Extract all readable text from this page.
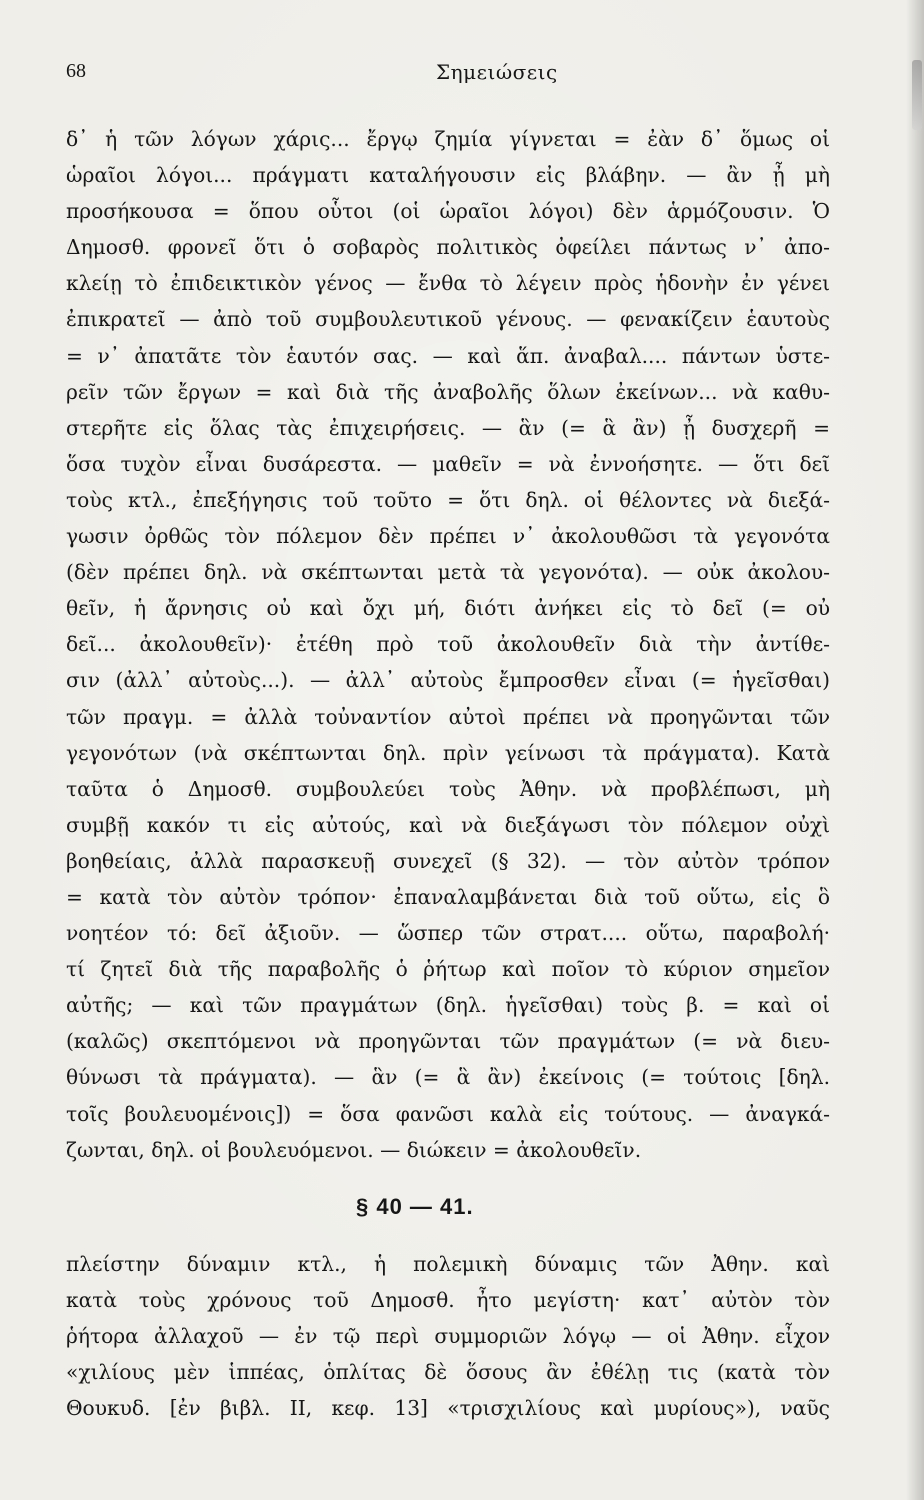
68	Σημειώσεις
δ᾽ ἡ τῶν λόγων χάρις... ἔργῳ ζημία γίγνεται = ἐὰν δ᾽ ὅμως οἱ
ὡραῖοι λόγοι... πράγματι καταλήγουσιν εἰς βλάβην. — ἂν ᾖ μὴ
προσήκουσα = ὅπου οὗτοι (οἱ ὡραῖοι λόγοι) δὲν ἁρμόζουσιν. Ὁ
Δημοσθ. φρονεῖ ὅτι ὁ σοβαρὸς πολιτικὸς ὀφείλει πάντως ν᾽ ἀπο-
κλείῃ τὸ ἐπιδεικτικὸν γένος — ἔνθα τὸ λέγειν πρὸς ἡδονὴν ἐν γένει
ἐπικρατεῖ — ἀπὸ τοῦ συμβουλευτικοῦ γένους. — φενακίζειν ἑαυτοὺς
= ν᾽ ἀπατᾶτε τὸν ἑαυτόν σας. — καὶ ἅπ. ἀναβαλ.... πάντων ὑστε-
ρεῖν τῶν ἔργων = καὶ διὰ τῆς ἀναβολῆς ὅλων ἐκείνων... νὰ καθυ-
στερῆτε εἰς ὅλας τὰς ἐπιχειρήσεις. — ἃν (= ἃ ἂν) ᾖ δυσχερῆ =
ὅσα τυχὸν εἶναι δυσάρεστα. — μαθεῖν = νὰ ἐννοήσητε. — ὅτι δεῖ
τοὺς κτλ., ἐπεξήγησις τοῦ τοῦτο = ὅτι δηλ. οἱ θέλοντες νὰ διεξά-
γωσιν ὀρθῶς τὸν πόλεμον δὲν πρέπει ν᾽ ἀκολουθῶσι τὰ γεγονότα
(δὲν πρέπει δηλ. νὰ σκέπτωνται μετὰ τὰ γεγονότα). — οὐκ ἀκολου-
θεῖν, ἡ ἄρνησις οὐ καὶ ὄχι μή, διότι ἀνήκει εἰς τὸ δεῖ (= οὐ
δεῖ... ἀκολουθεῖν)· ἐτέθη πρὸ τοῦ ἀκολουθεῖν διὰ τὴν ἀντίθε-
σιν (ἀλλ᾽ αὐτοὺς...). — ἀλλ᾽ αὐτοὺς ἔμπροσθεν εἶναι (= ἡγεῖσθαι)
τῶν πραγμ. = ἀλλὰ τοὐναντίον αὐτοὶ πρέπει νὰ προηγῶνται τῶν
γεγονότων (νὰ σκέπτωνται δηλ. πρὶν γείνωσι τὰ πράγματα). Κατὰ
ταῦτα ὁ Δημοσθ. συμβουλεύει τοὺς Ἀθην. νὰ προβλέπωσι, μὴ
συμβῇ κακόν τι εἰς αὐτούς, καὶ νὰ διεξάγωσι τὸν πόλεμον οὐχὶ
βοηθείαις, ἀλλὰ παρασκευῇ συνεχεῖ (§ 32). — τὸν αὐτὸν τρόπον
= κατὰ τὸν αὐτὸν τρόπον· ἐπαναλαμβάνεται διὰ τοῦ οὕτω, εἰς ὃ
νοητέον τό: δεῖ ἀξιοῦν. — ὥσπερ τῶν στρατ.... οὕτω, παραβολή·
τί ζητεῖ διὰ τῆς παραβολῆς ὁ ῥήτωρ καὶ ποῖον τὸ κύριον σημεῖον
αὐτῆς; — καὶ τῶν πραγμάτων (δηλ. ἡγεῖσθαι) τοὺς β. = καὶ οἱ
(καλῶς) σκεπτόμενοι νὰ προηγῶνται τῶν πραγμάτων (= νὰ διευ-
θύνωσι τὰ πράγματα). — ἃν (= ἃ ἂν) ἐκείνοις (= τούτοις [δηλ.
τοῖς βουλευομένοις]) = ὅσα φανῶσι καλὰ εἰς τούτους. — ἀναγκά-
ζωνται, δηλ. οἱ βουλευόμενοι. — διώκειν = ἀκολουθεῖν.
§ 40 — 41.
πλείστην δύναμιν κτλ., ἡ πολεμικὴ δύναμις τῶν Ἀθην. καὶ
κατὰ τοὺς χρόνους τοῦ Δημοσθ. ἦτο μεγίστη· κατ᾽ αὐτὸν τὸν
ῥήτορα ἀλλαχοῦ — ἐν τῷ περὶ συμμοριῶν λόγῳ — οἱ Ἀθην. εἶχον
«χιλίους μὲν ἱππέας, ὁπλίτας δὲ ὅσους ἂν ἐθέλῃ τις (κατὰ τὸν
Θουκυδ. [ἐν βιβλ. II, κεφ. 13] «τρισχιλίους καὶ μυρίους»), ναῦς
